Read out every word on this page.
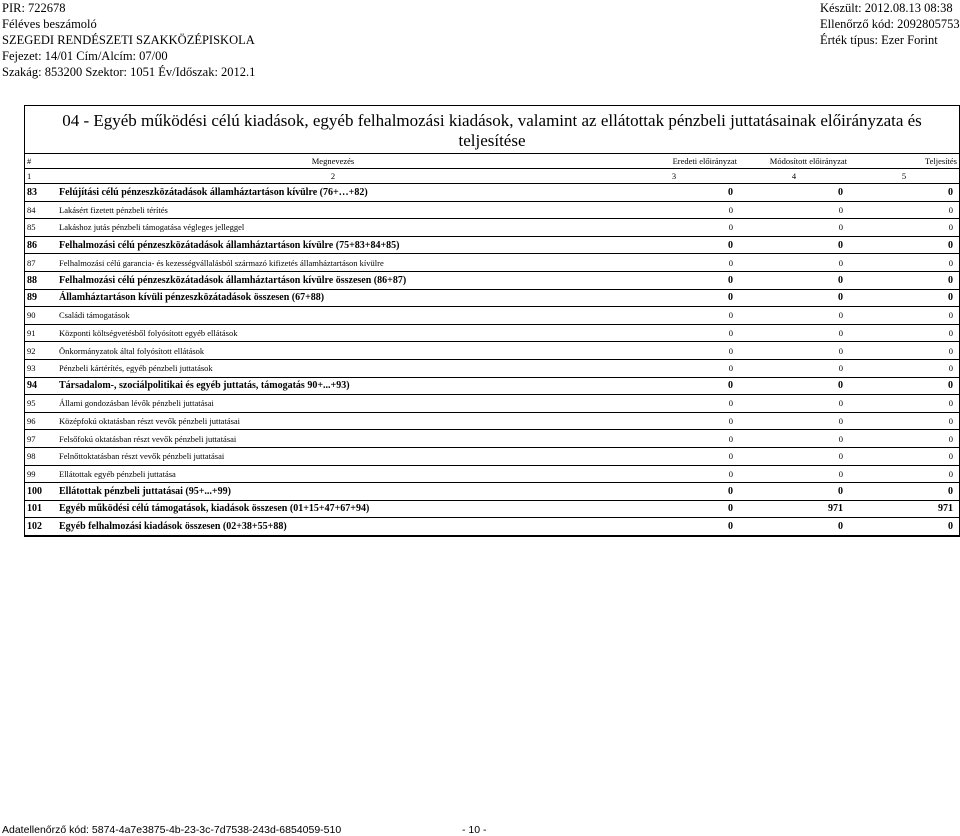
PIR: 722678
Féléves beszámoló
SZEGEDI RENDÉSZETI SZAKKÖZÉPISKOLA
Fejezet: 14/01 Cím/Alcím: 07/00
Szakág: 853200 Szektor: 1051 Év/Időszak: 2012.1
Készült: 2012.08.13 08:38
Ellenőrző kód: 2092805753
Érték típus: Ezer Forint
04 - Egyéb működési célú kiadások, egyéb felhalmozási kiadások, valamint az ellátottak pénzbeli juttatásainak előirányzata és teljesítése
#	Megnevezés	Eredeti előirányzat	Módosított előirányzat	Teljesítés
1	2	3	4	5
83	Felújítási célú pénzeszközátadások államháztartáson kívülre (76+…+82)	0	0	0
84	Lakásért fizetett pénzbeli térítés	0	0	0
85	Lakáshoz jutás pénzbeli támogatása végleges jelleggel	0	0	0
86	Felhalmozási célú pénzeszközátadások államháztartáson kívülre (75+83+84+85)	0	0	0
87	Felhalmozási célú garancia- és kezességvállalásból származó kifizetés államháztartáson kívülre	0	0	0
88	Felhalmozási célú pénzeszközátadások államháztartáson kívülre összesen (86+87)	0	0	0
89	Államháztartáson kívüli pénzeszközátadások összesen (67+88)	0	0	0
90	Családi támogatások	0	0	0
91	Központi költségvetésből folyósított egyéb ellátások	0	0	0
92	Önkormányzatok által folyósított ellátások	0	0	0
93	Pénzbeli kártérítés, egyéb pénzbeli juttatások	0	0	0
94	Társadalom-, szociálpolitikai és egyéb juttatás, támogatás 90+...+93)	0	0	0
95	Állami gondozásban lévők pénzbeli juttatásai	0	0	0
96	Középfokú oktatásban részt vevők pénzbeli juttatásai	0	0	0
97	Felsőfokú oktatásban részt vevők pénzbeli juttatásai	0	0	0
98	Felnőttoktatásban részt vevők pénzbeli juttatásai	0	0	0
99	Ellátottak egyéb pénzbeli juttatása	0	0	0
100	Ellátottak pénzbeli juttatásai (95+...+99)	0	0	0
101	Egyéb működési célú támogatások, kiadások összesen (01+15+47+67+94)	0	971	971
102	Egyéb felhalmozási kiadások összesen (02+38+55+88)	0	0	0
Adatellenőrző kód: 5874-4a7e3875-4b-23-3c-7d7538-243d-6854059-510	- 10 -
